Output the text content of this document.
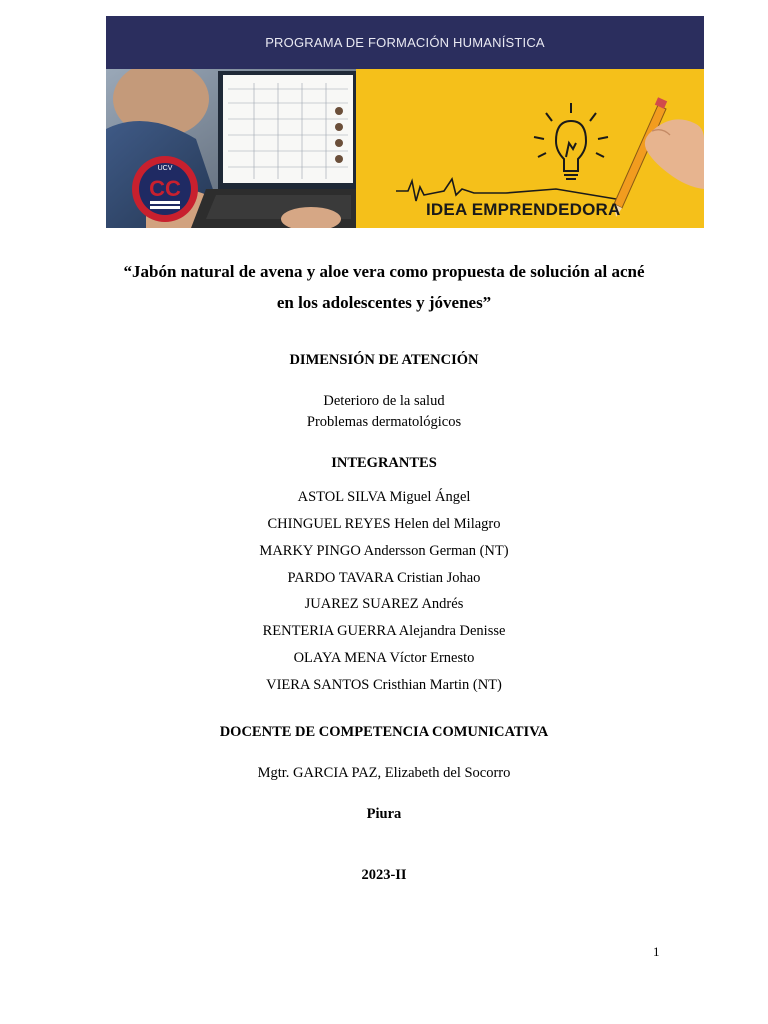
PROGRAMA DE FORMACIÓN HUMANÍSTICA
UCV
CC
IDEA EMPRENDEDORA
“Jabón natural de avena y aloe vera como propuesta de solución al acné
en los adolescentes y jóvenes”
DIMENSIÓN DE ATENCIÓN
Deterioro de la salud
Problemas dermatológicos
INTEGRANTES
ASTOL SILVA Miguel Ángel
CHINGUEL REYES Helen del Milagro
MARKY PINGO Andersson German (NT)
PARDO TAVARA Cristian Johao
JUAREZ SUAREZ Andrés
RENTERIA GUERRA Alejandra Denisse
OLAYA MENA Víctor Ernesto
VIERA SANTOS Cristhian Martin (NT)
DOCENTE DE COMPETENCIA COMUNICATIVA
Mgtr. GARCIA PAZ, Elizabeth del Socorro
Piura
2023-II
1
